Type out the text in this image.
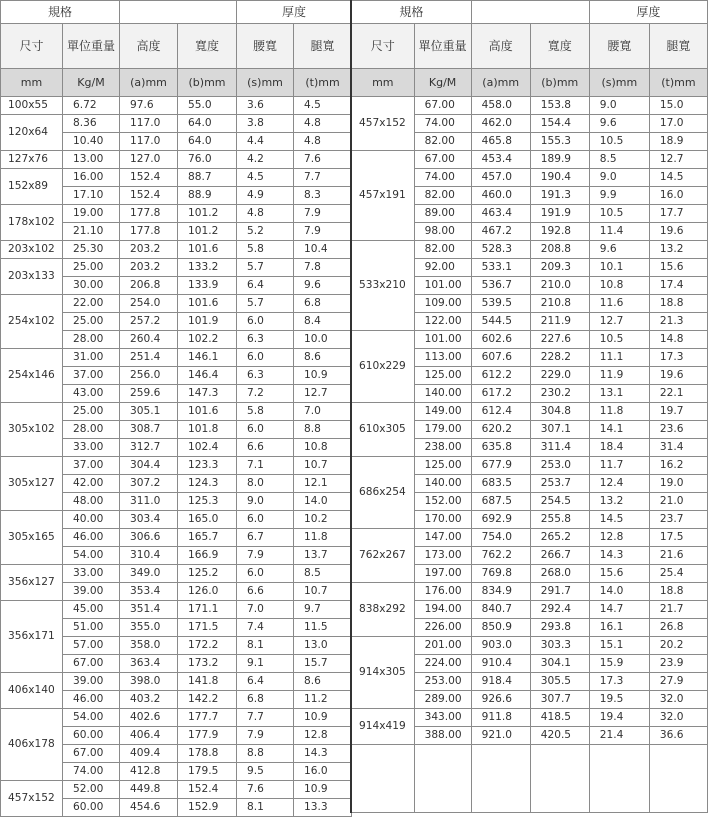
規格				厚度	
尺寸	單位重量	高度	寬度	腰寬	腿寬
mm	Kg/M	(a)mm	(b)mm	(s)mm	(t)mm
100x55	6.72	97.6	55.0	3.6	4.5
120x64	8.36	117.0	64.0	3.8	4.8
	10.40	117.0	64.0	4.4	4.8
127x76	13.00	127.0	76.0	4.2	7.6
152x89	16.00	152.4	88.7	4.5	7.7
	17.10	152.4	88.9	4.9	8.3
178x102	19.00	177.8	101.2	4.8	7.9
	21.10	177.8	101.2	5.2	7.9
203x102	25.30	203.2	101.6	5.8	10.4
203x133	25.00	203.2	133.2	5.7	7.8
	30.00	206.8	133.9	6.4	9.6
254x102	22.00	254.0	101.6	5.7	6.8
	25.00	257.2	101.9	6.0	8.4
	28.00	260.4	102.2	6.3	10.0
254x146	31.00	251.4	146.1	6.0	8.6
	37.00	256.0	146.4	6.3	10.9
	43.00	259.6	147.3	7.2	12.7
305x102	25.00	305.1	101.6	5.8	7.0
	28.00	308.7	101.8	6.0	8.8
	33.00	312.7	102.4	6.6	10.8
305x127	37.00	304.4	123.3	7.1	10.7
	42.00	307.2	124.3	8.0	12.1
	48.00	311.0	125.3	9.0	14.0
305x165	40.00	303.4	165.0	6.0	10.2
	46.00	306.6	165.7	6.7	11.8
	54.00	310.4	166.9	7.9	13.7
356x127	33.00	349.0	125.2	6.0	8.5
	39.00	353.4	126.0	6.6	10.7
356x171	45.00	351.4	171.1	7.0	9.7
	51.00	355.0	171.5	7.4	11.5
	57.00	358.0	172.2	8.1	13.0
	67.00	363.4	173.2	9.1	15.7
406x140	39.00	398.0	141.8	6.4	8.6
	46.00	403.2	142.2	6.8	11.2
406x178	54.00	402.6	177.7	7.7	10.9
	60.00	406.4	177.9	7.9	12.8
	67.00	409.4	178.8	8.8	14.3
	74.00	412.8	179.5	9.5	16.0
457x152	52.00	449.8	152.4	7.6	10.9
	60.00	454.6	152.9	8.1	13.3
規格				厚度	
尺寸	單位重量	高度	寬度	腰寬	腿寬
mm	Kg/M	(a)mm	(b)mm	(s)mm	(t)mm
457x152	67.00	458.0	153.8	9.0	15.0
	74.00	462.0	154.4	9.6	17.0
	82.00	465.8	155.3	10.5	18.9
457x191	67.00	453.4	189.9	8.5	12.7
	74.00	457.0	190.4	9.0	14.5
	82.00	460.0	191.3	9.9	16.0
	89.00	463.4	191.9	10.5	17.7
	98.00	467.2	192.8	11.4	19.6
533x210	82.00	528.3	208.8	9.6	13.2
	92.00	533.1	209.3	10.1	15.6
	101.00	536.7	210.0	10.8	17.4
	109.00	539.5	210.8	11.6	18.8
	122.00	544.5	211.9	12.7	21.3
610x229	101.00	602.6	227.6	10.5	14.8
	113.00	607.6	228.2	11.1	17.3
	125.00	612.2	229.0	11.9	19.6
	140.00	617.2	230.2	13.1	22.1
610x305	149.00	612.4	304.8	11.8	19.7
	179.00	620.2	307.1	14.1	23.6
	238.00	635.8	311.4	18.4	31.4
686x254	125.00	677.9	253.0	11.7	16.2
	140.00	683.5	253.7	12.4	19.0
	152.00	687.5	254.5	13.2	21.0
	170.00	692.9	255.8	14.5	23.7
762x267	147.00	754.0	265.2	12.8	17.5
	173.00	762.2	266.7	14.3	21.6
	197.00	769.8	268.0	15.6	25.4
838x292	176.00	834.9	291.7	14.0	18.8
	194.00	840.7	292.4	14.7	21.7
	226.00	850.9	293.8	16.1	26.8
914x305	201.00	903.0	303.3	15.1	20.2
	224.00	910.4	304.1	15.9	23.9
	253.00	918.4	305.5	17.3	27.9
	289.00	926.6	307.7	19.5	32.0
914x419	343.00	911.8	418.5	19.4	32.0
	388.00	921.0	420.5	21.4	36.6
